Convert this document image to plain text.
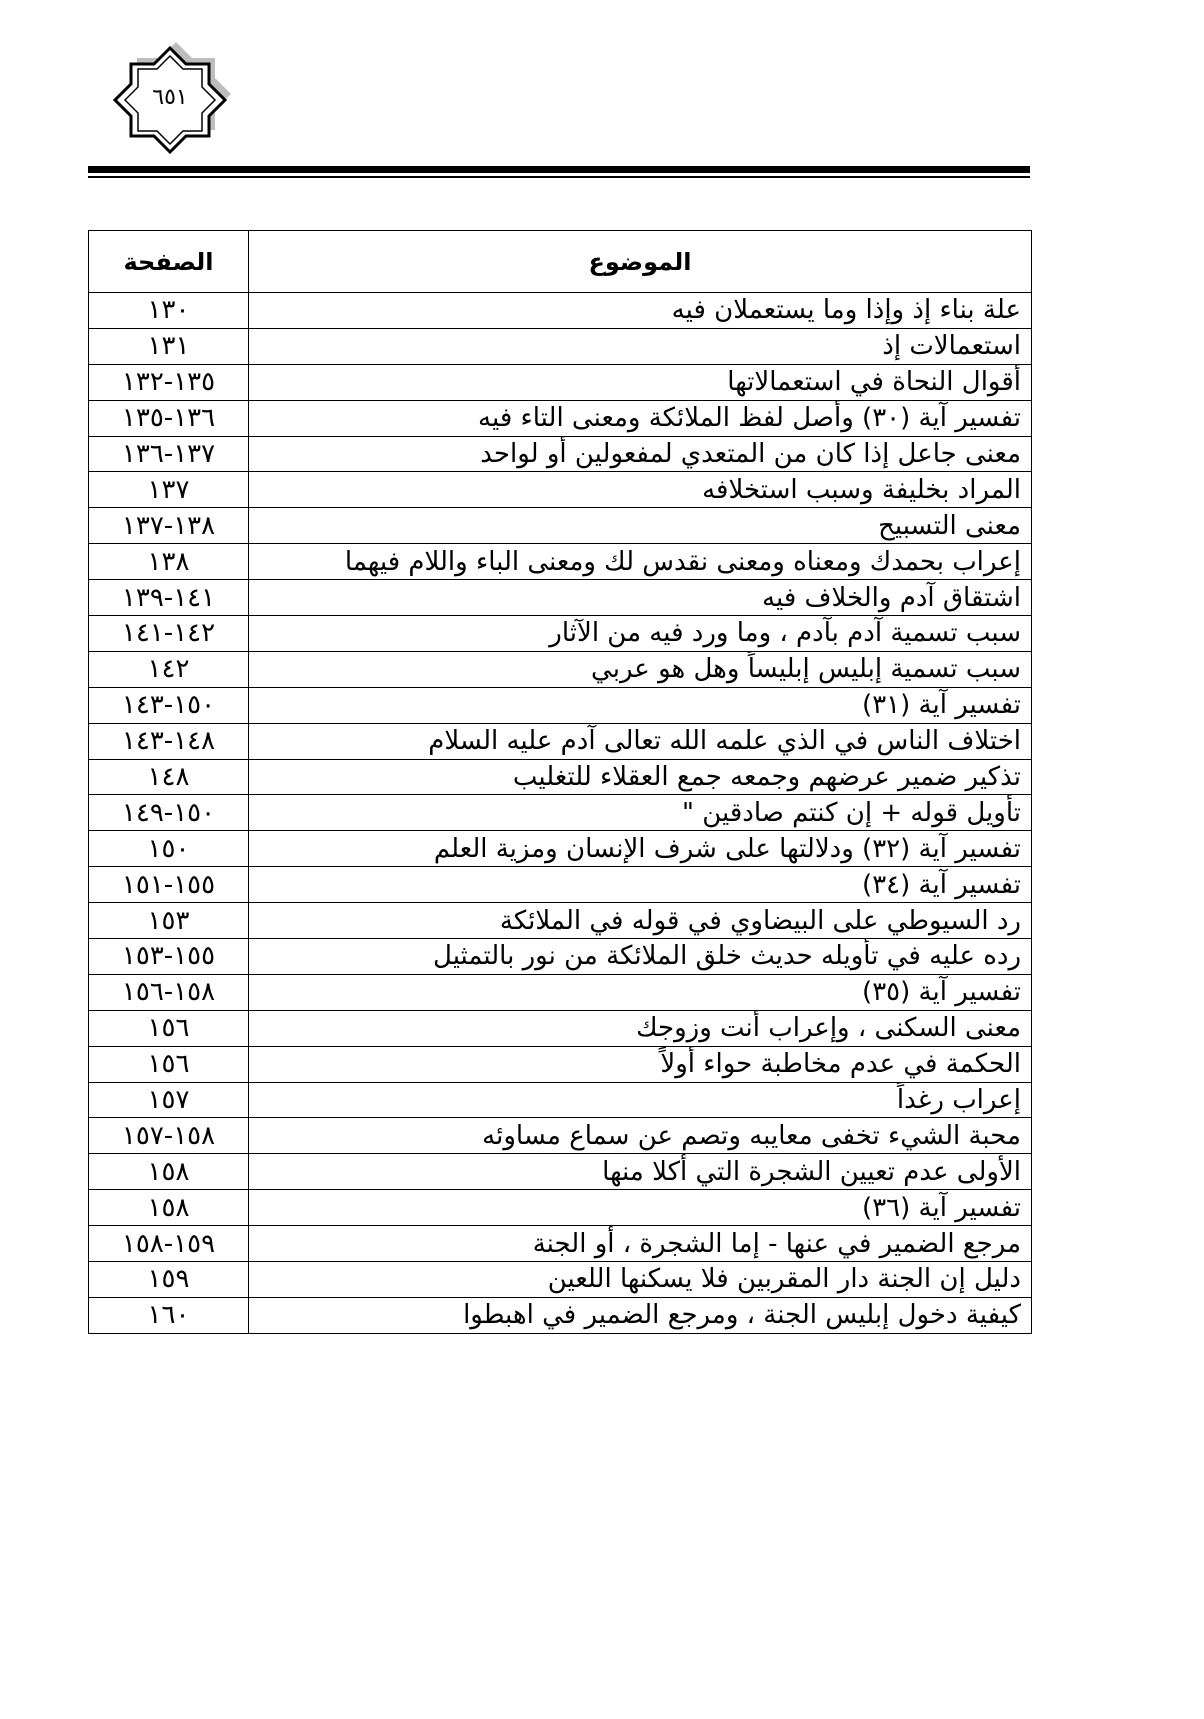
٦٥١
الموضوع	الصفحة
علة بناء إذ وإذا وما يستعملان فيه	١٣٠
استعمالات إذ	١٣١
أقوال النحاة في استعمالاتها	١٣٥-١٣٢
تفسير آية (٣٠) وأصل لفظ الملائكة ومعنى التاء فيه	١٣٦-١٣٥
معنى جاعل إذا كان من المتعدي لمفعولين أو لواحد	١٣٧-١٣٦
المراد بخليفة وسبب استخلافه	١٣٧
معنى التسبيح	١٣٨-١٣٧
إعراب بحمدك ومعناه ومعنى نقدس لك ومعنى الباء واللام فيهما	١٣٨
اشتقاق آدم والخلاف فيه	١٤١-١٣٩
سبب تسمية آدم بآدم ، وما ورد فيه من الآثار	١٤٢-١٤١
سبب تسمية إبليس إبليساً وهل هو عربي	١٤٢
تفسير آية (٣١)	١٥٠-١٤٣
اختلاف الناس في الذي علمه الله تعالى آدم عليه السلام	١٤٨-١٤٣
تذكير ضمير عرضهم وجمعه جمع العقلاء للتغليب	١٤٨
تأويل قوله + إن كنتم صادقين "	١٥٠-١٤٩
تفسير آية (٣٢) ودلالتها على شرف الإنسان ومزية العلم	١٥٠
تفسير آية (٣٤)	١٥٥-١٥١
رد السيوطي على البيضاوي في قوله في الملائكة	١٥٣
رده عليه في تأويله حديث خلق الملائكة من نور بالتمثيل	١٥٥-١٥٣
تفسير آية (٣٥)	١٥٨-١٥٦
معنى السكنى ، وإعراب أنت وزوجك	١٥٦
الحكمة في عدم مخاطبة حواء أولاً	١٥٦
إعراب رغداً	١٥٧
محبة الشيء تخفى معايبه وتصم عن سماع مساوئه	١٥٨-١٥٧
الأولى عدم تعيين الشجرة التي أكلا منها	١٥٨
تفسير آية (٣٦)	١٥٨
مرجع الضمير في عنها - إما الشجرة ، أو الجنة	١٥٩-١٥٨
دليل إن الجنة دار المقربين فلا يسكنها اللعين	١٥٩
كيفية دخول إبليس الجنة ، ومرجع الضمير في اهبطوا	١٦٠
